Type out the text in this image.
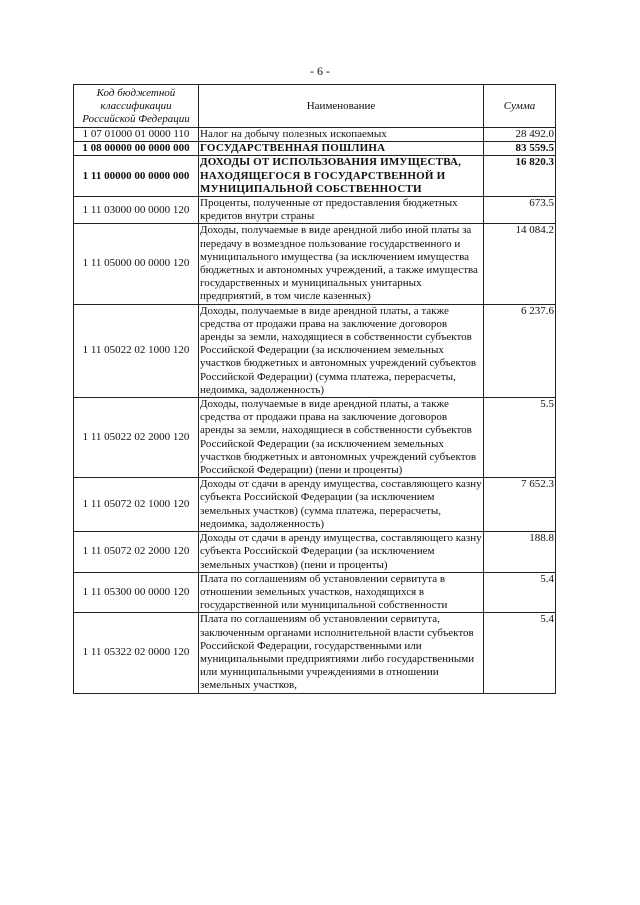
- 6 -
Код бюджетной классификации Российской Федерации	Наименование	Сумма
1 07 01000 01 0000 110	Налог на добычу полезных ископаемых	28 492.0
1 08 00000 00 0000 000	ГОСУДАРСТВЕННАЯ ПОШЛИНА	83 559.5
1 11 00000 00 0000 000	ДОХОДЫ ОТ ИСПОЛЬЗОВАНИЯ ИМУЩЕСТВА, НАХОДЯЩЕГОСЯ В ГОСУДАРСТВЕННОЙ И МУНИЦИПАЛЬНОЙ СОБСТВЕННОСТИ	16 820.3
1 11 03000 00 0000 120	Проценты, полученные от предоставления бюджетных кредитов внутри страны	673.5
1 11 05000 00 0000 120	Доходы, получаемые в виде арендной либо иной платы за передачу в возмездное пользование государственного и муниципального имущества (за исключением имущества бюджетных и автономных учреждений, а также имущества государственных и муниципальных унитарных предприятий, в том числе казенных)	14 084.2
1 11 05022 02 1000 120	Доходы, получаемые в виде арендной платы, а также средства от продажи права на заключение договоров аренды за земли, находящиеся в собственности субъектов Российской Федерации (за исключением земельных участков бюджетных и автономных учреждений субъектов Российской Федерации) (сумма платежа, перерасчеты, недоимка, задолженность)	6 237.6
1 11 05022 02 2000 120	Доходы, получаемые в виде арендной платы, а также средства от продажи права на заключение договоров аренды за земли, находящиеся в собственности субъектов Российской Федерации (за исключением земельных участков бюджетных и автономных учреждений субъектов Российской Федерации) (пени и проценты)	5.5
1 11 05072 02 1000 120	Доходы от сдачи в аренду имущества, составляющего казну субъекта Российской Федерации (за исключением земельных участков) (сумма платежа, перерасчеты, недоимка, задолженность)	7 652.3
1 11 05072 02 2000 120	Доходы от сдачи в аренду имущества, составляющего казну субъекта Российской Федерации (за исключением земельных участков) (пени и проценты)	188.8
1 11 05300 00 0000 120	Плата по соглашениям об установлении сервитута в отношении земельных участков, находящихся в государственной или муниципальной собственности	5.4
1 11 05322 02 0000 120	Плата по соглашениям об установлении сервитута, заключенным органами исполнительной власти субъектов Российской Федерации, государственными или муниципальными предприятиями либо государственными или муниципальными учреждениями в отношении земельных участков,	5.4
